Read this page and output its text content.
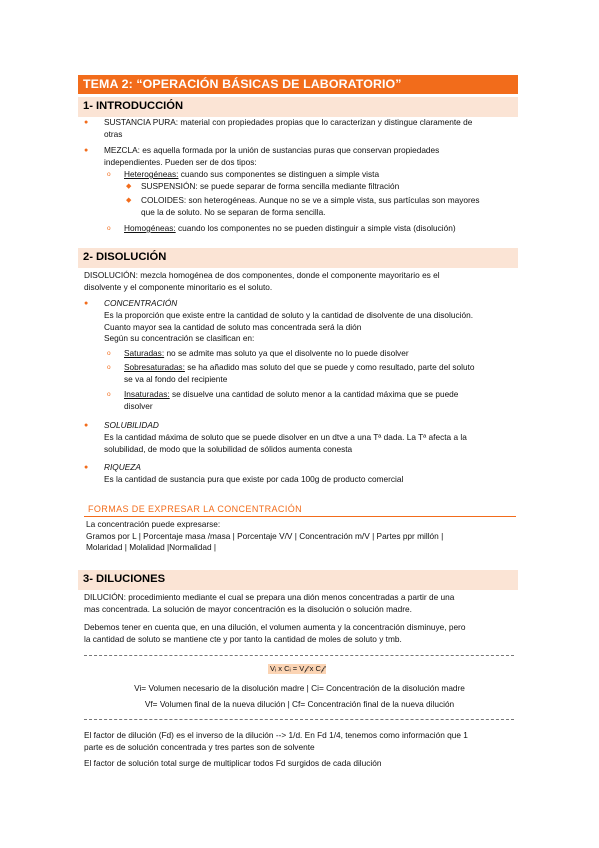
TEMA 2: “OPERACIÓN BÁSICAS DE LABORATORIO”
1- INTRODUCCIÓN
● SUSTANCIA PURA: material con propiedades propias que lo caracterizan y distingue claramente de
otras
● MEZCLA: es aquella formada por la unión de sustancias puras que conservan propiedades
independientes. Pueden ser de dos tipos:
o Heterogéneas: cuando sus componentes se distinguen a simple vista
◆ SUSPENSIÓN: se puede separar de forma sencilla mediante filtración
◆ COLOIDES: son heterogéneas. Aunque no se ve a simple vista, sus partículas son mayores
que la de soluto. No se separan de forma sencilla.
o Homogéneas: cuando los componentes no se pueden distinguir a simple vista (disolución)
2- DISOLUCIÓN
DISOLUCIÓN: mezcla homogénea de dos componentes, donde el componente mayoritario es el
disolvente y el componente minoritario es el soluto.
● CONCENTRACIÓN
Es la proporción que existe entre la cantidad de soluto y la cantidad de disolvente de una disolución.
Cuanto mayor sea la cantidad de soluto mas concentrada será la dión
Según su concentración se clasifican en:
o Saturadas: no se admite mas soluto ya que el disolvente no lo puede disolver
o Sobresaturadas: se ha añadido mas soluto del que se puede y como resultado, parte del soluto
se va al fondo del recipiente
o Insaturadas: se disuelve una cantidad de soluto menor a la cantidad máxima que se puede
disolver
● SOLUBILIDAD
Es la cantidad máxima de soluto que se puede disolver en un dtve a una Tª dada. La Tª afecta a la
solubilidad, de modo que la solubilidad de sólidos aumenta conesta
● RIQUEZA
Es la cantidad de sustancia pura que existe por cada 100g de producto comercial
FORMAS DE EXPRESAR LA CONCENTRACIÓN
La concentración puede expresarse:
Gramos por L | Porcentaje masa /masa | Porcentaje V/V | Concentración m/V | Partes ppr millón |
Molaridad | Molalidad |Normalidad |
3- DILUCIONES
DILUCIÓN: procedimiento mediante el cual se prepara una dión menos concentradas a partir de una
mas concentrada. La solución de mayor concentración es la disolución o solución madre.
Debemos tener en cuenta que, en una dilución, el volumen aumenta y la concentración disminuye, pero
la cantidad de soluto se mantiene cte y por tanto la cantidad de moles de soluto y tmb.
Vᵢ x Cᵢ = V𝒻 x C𝒻
Vi= Volumen necesario de la disolución madre | Ci= Concentración de la disolución madre
Vf= Volumen final de la nueva dilución | Cf= Concentración final de la nueva dilución
El factor de dilución (Fd) es el inverso de la dilución --> 1/d. En Fd 1/4, tenemos como información que 1
parte es de solución concentrada y tres partes son de solvente
El factor de solución total surge de multiplicar todos Fd surgidos de cada dilución
